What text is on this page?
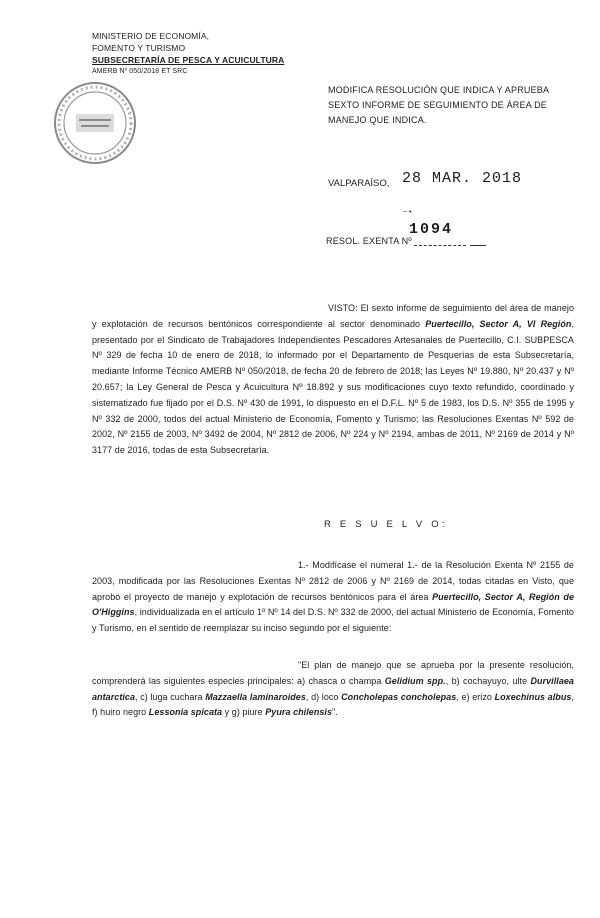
MINISTERIO DE ECONOMÍA,
FOMENTO Y TURISMO
SUBSECRETARÍA DE PESCA Y ACUICULTURA
AMERB Nº 050/2018 ET SRC
MODIFICA RESOLUCIÓN QUE INDICA Y APRUEBA SEXTO INFORME DE SEGUIMIENTO DE ÁREA DE MANEJO QUE INDICA.
VALPARAÍSO, 28 MAR. 2018
~ •
RESOL. EXENTA Nº
1094
VISTO: El sexto informe de seguimiento del área de manejo y explotación de recursos bentónicos correspondiente al sector denominado Puertecillo, Sector A, VI Región, presentado por el Sindicato de Trabajadores Independientes Pescadores Artesanales de Puertecillo, C.I. SUBPESCA Nº 329 de fecha 10 de enero de 2018, lo informado por el Departamento de Pesquerías de esta Subsecretaría, mediante Informe Técnico AMERB Nº 050/2018, de fecha 20 de febrero de 2018; las Leyes Nº 19.880, Nº 20.437 y Nº 20.657; la Ley General de Pesca y Acuicultura Nº 18.892 y sus modificaciones cuyo texto refundido, coordinado y sistematizado fue fijado por el D.S. Nº 430 de 1991, lo dispuesto en el D.F.L. Nº 5 de 1983, los D.S. Nº 355 de 1995 y Nº 332 de 2000, todos del actual Ministerio de Economía, Fomento y Turismo; las Resoluciones Exentas Nº 592 de 2002, Nº 2155 de 2003, Nº 3492 de 2004, Nº 2812 de 2006, Nº 224 y Nº 2194, ambas de 2011, Nº 2169 de 2014 y Nº 3177 de 2016, todas de esta Subsecretaría.
R E S U E L V O:
1.- Modifícase el numeral 1.- de la Resolución Exenta Nº 2155 de 2003, modificada por las Resoluciones Exentas Nº 2812 de 2006 y Nº 2169 de 2014, todas citadas en Visto, que aprobó el proyecto de manejo y explotación de recursos bentónicos para el área Puertecillo, Sector A, Región de O'Higgins, individualizada en el artículo 1º Nº 14 del D.S. Nº 332 de 2000, del actual Ministerio de Economía, Fomento y Turismo, en el sentido de reemplazar su inciso segundo por el siguiente:
"El plan de manejo que se aprueba por la presente resolución, comprenderá las siguientes especies principales: a) chasca o champa Gelidium spp., b) cochayuyo, ulte Durvillaea antarctica, c) luga cuchara Mazzaella laminaroides, d) loco Concholepas concholepas, e) erizo Loxechinus albus, f) huiro negro Lessonia spicata y g) piure Pyura chilensis".
